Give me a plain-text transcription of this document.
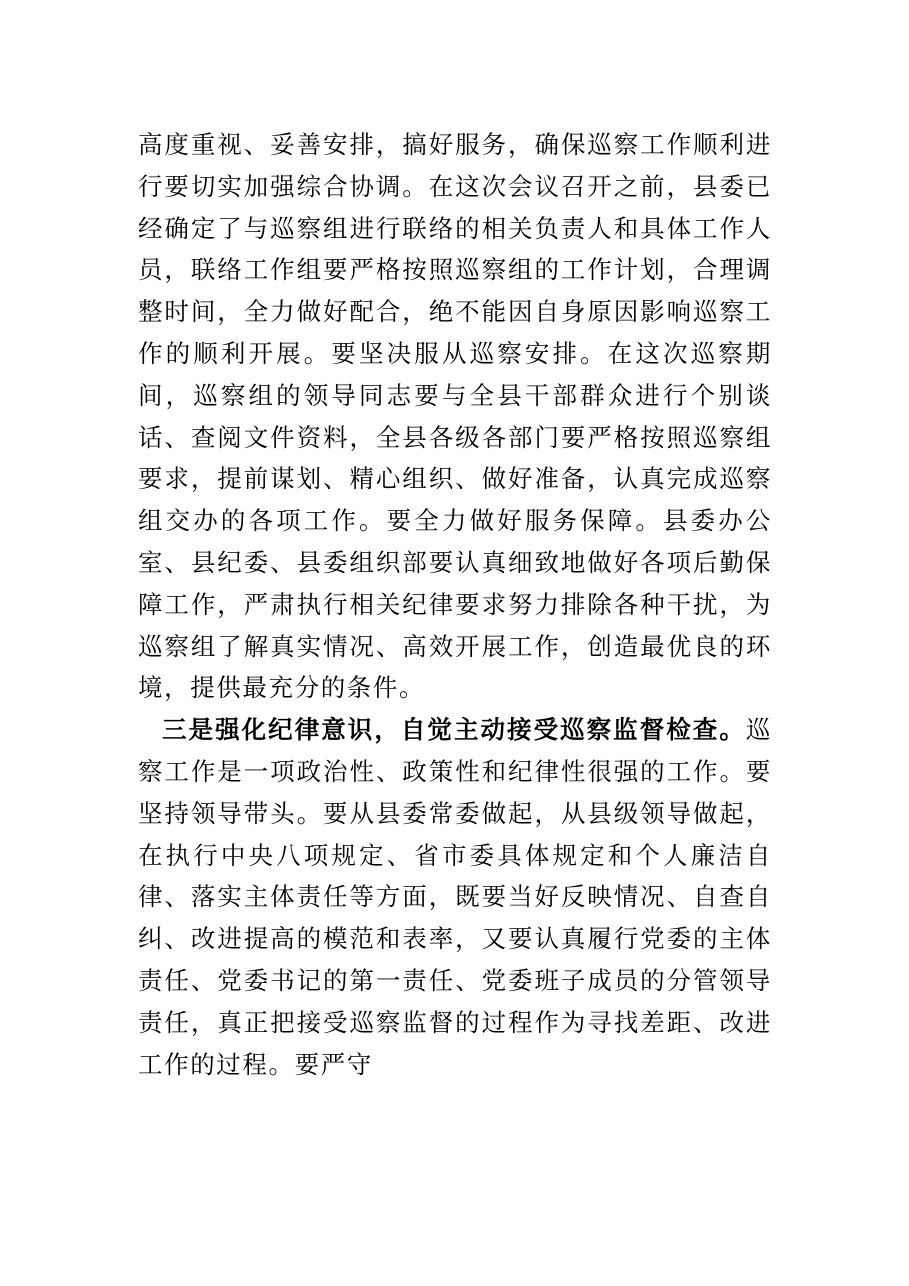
高度重视、妥善安排，搞好服务，确保巡察工作顺利进行要切实加强综合协调。在这次会议召开之前，县委已经确定了与巡察组进行联络的相关负责人和具体工作人员，联络工作组要严格按照巡察组的工作计划，合理调整时间，全力做好配合，绝不能因自身原因影响巡察工作的顺利开展。要坚决服从巡察安排。在这次巡察期间，巡察组的领导同志要与全县干部群众进行个别谈话、查阅文件资料，全县各级各部门要严格按照巡察组要求，提前谋划、精心组织、做好准备，认真完成巡察组交办的各项工作。要全力做好服务保障。县委办公室、县纪委、县委组织部要认真细致地做好各项后勤保障工作，严肃执行相关纪律要求努力排除各种干扰，为巡察组了解真实情况、高效开展工作，创造最优良的环境，提供最充分的条件。

三是强化纪律意识，自觉主动接受巡察监督检查。巡察工作是一项政治性、政策性和纪律性很强的工作。要坚持领导带头。要从县委常委做起，从县级领导做起，在执行中央八项规定、省市委具体规定和个人廉洁自律、落实主体责任等方面，既要当好反映情况、自查自纠、改进提高的模范和表率，又要认真履行党委的主体责任、党委书记的第一责任、党委班子成员的分管领导责任，真正把接受巡察监督的过程作为寻找差距、改进工作的过程。要严守
